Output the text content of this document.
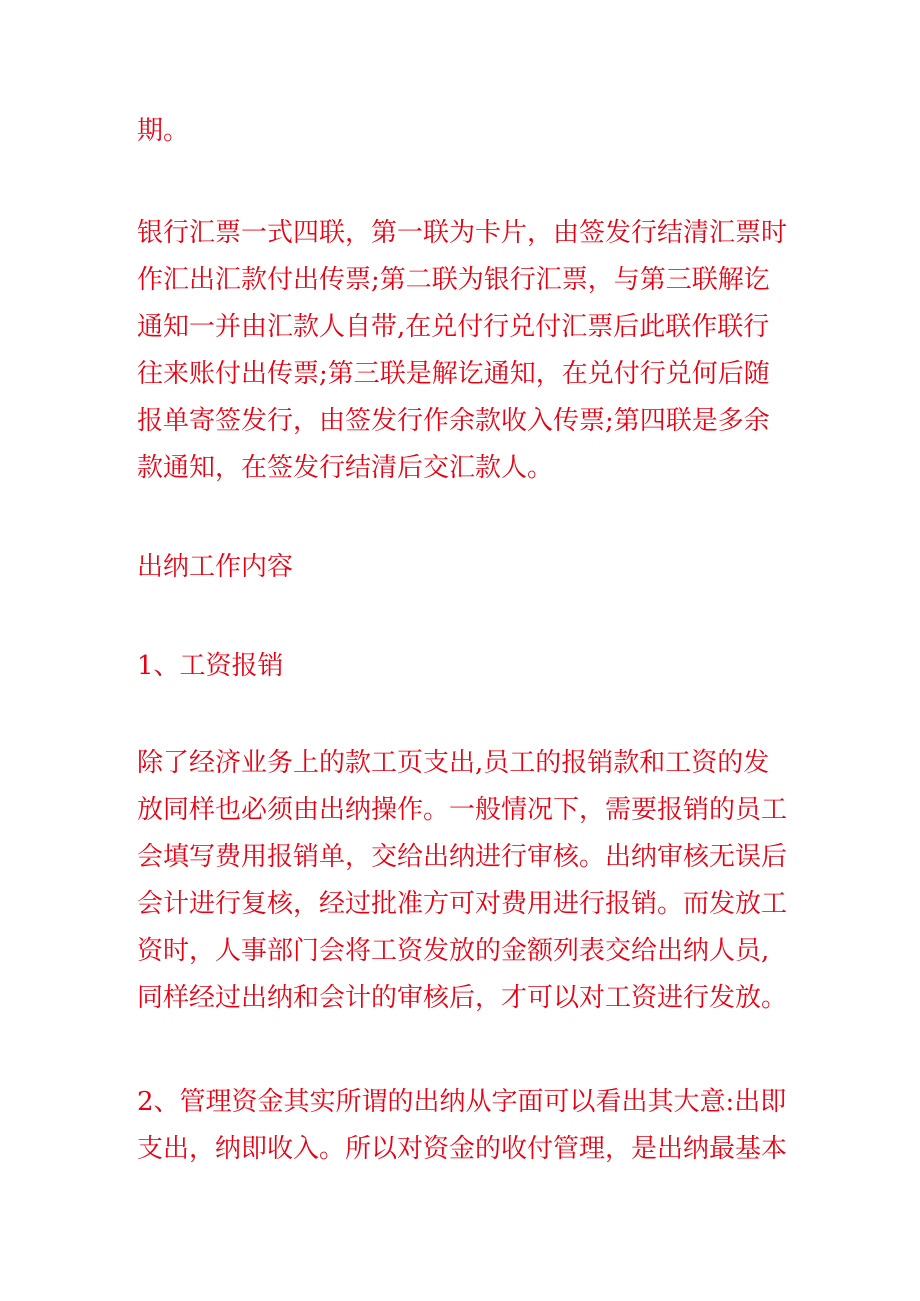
期。

银行汇票一式四联，第一联为卡片，由签发行结清汇票时
作汇出汇款付出传票;第二联为银行汇票，与第三联解讫
通知一并由汇款人自带,在兑付行兑付汇票后此联作联行
往来账付出传票;第三联是解讫通知，在兑付行兑何后随
报单寄签发行，由签发行作余款收入传票;第四联是多余
款通知，在签发行结清后交汇款人。

出纳工作内容

1、工资报销

除了经济业务上的款工页支出,员工的报销款和工资的发
放同样也必须由出纳操作。一般情况下，需要报销的员工
会填写费用报销单，交给出纳进行审核。出纳审核无误后
会计进行复核，经过批准方可对费用进行报销。而发放工
资时，人事部门会将工资发放的金额列表交给出纳人员,
同样经过出纳和会计的审核后，才可以对工资进行发放。

2、管理资金其实所谓的出纳从字面可以看出其大意:出即
支出，纳即收入。所以对资金的收付管理，是出纳最基本
